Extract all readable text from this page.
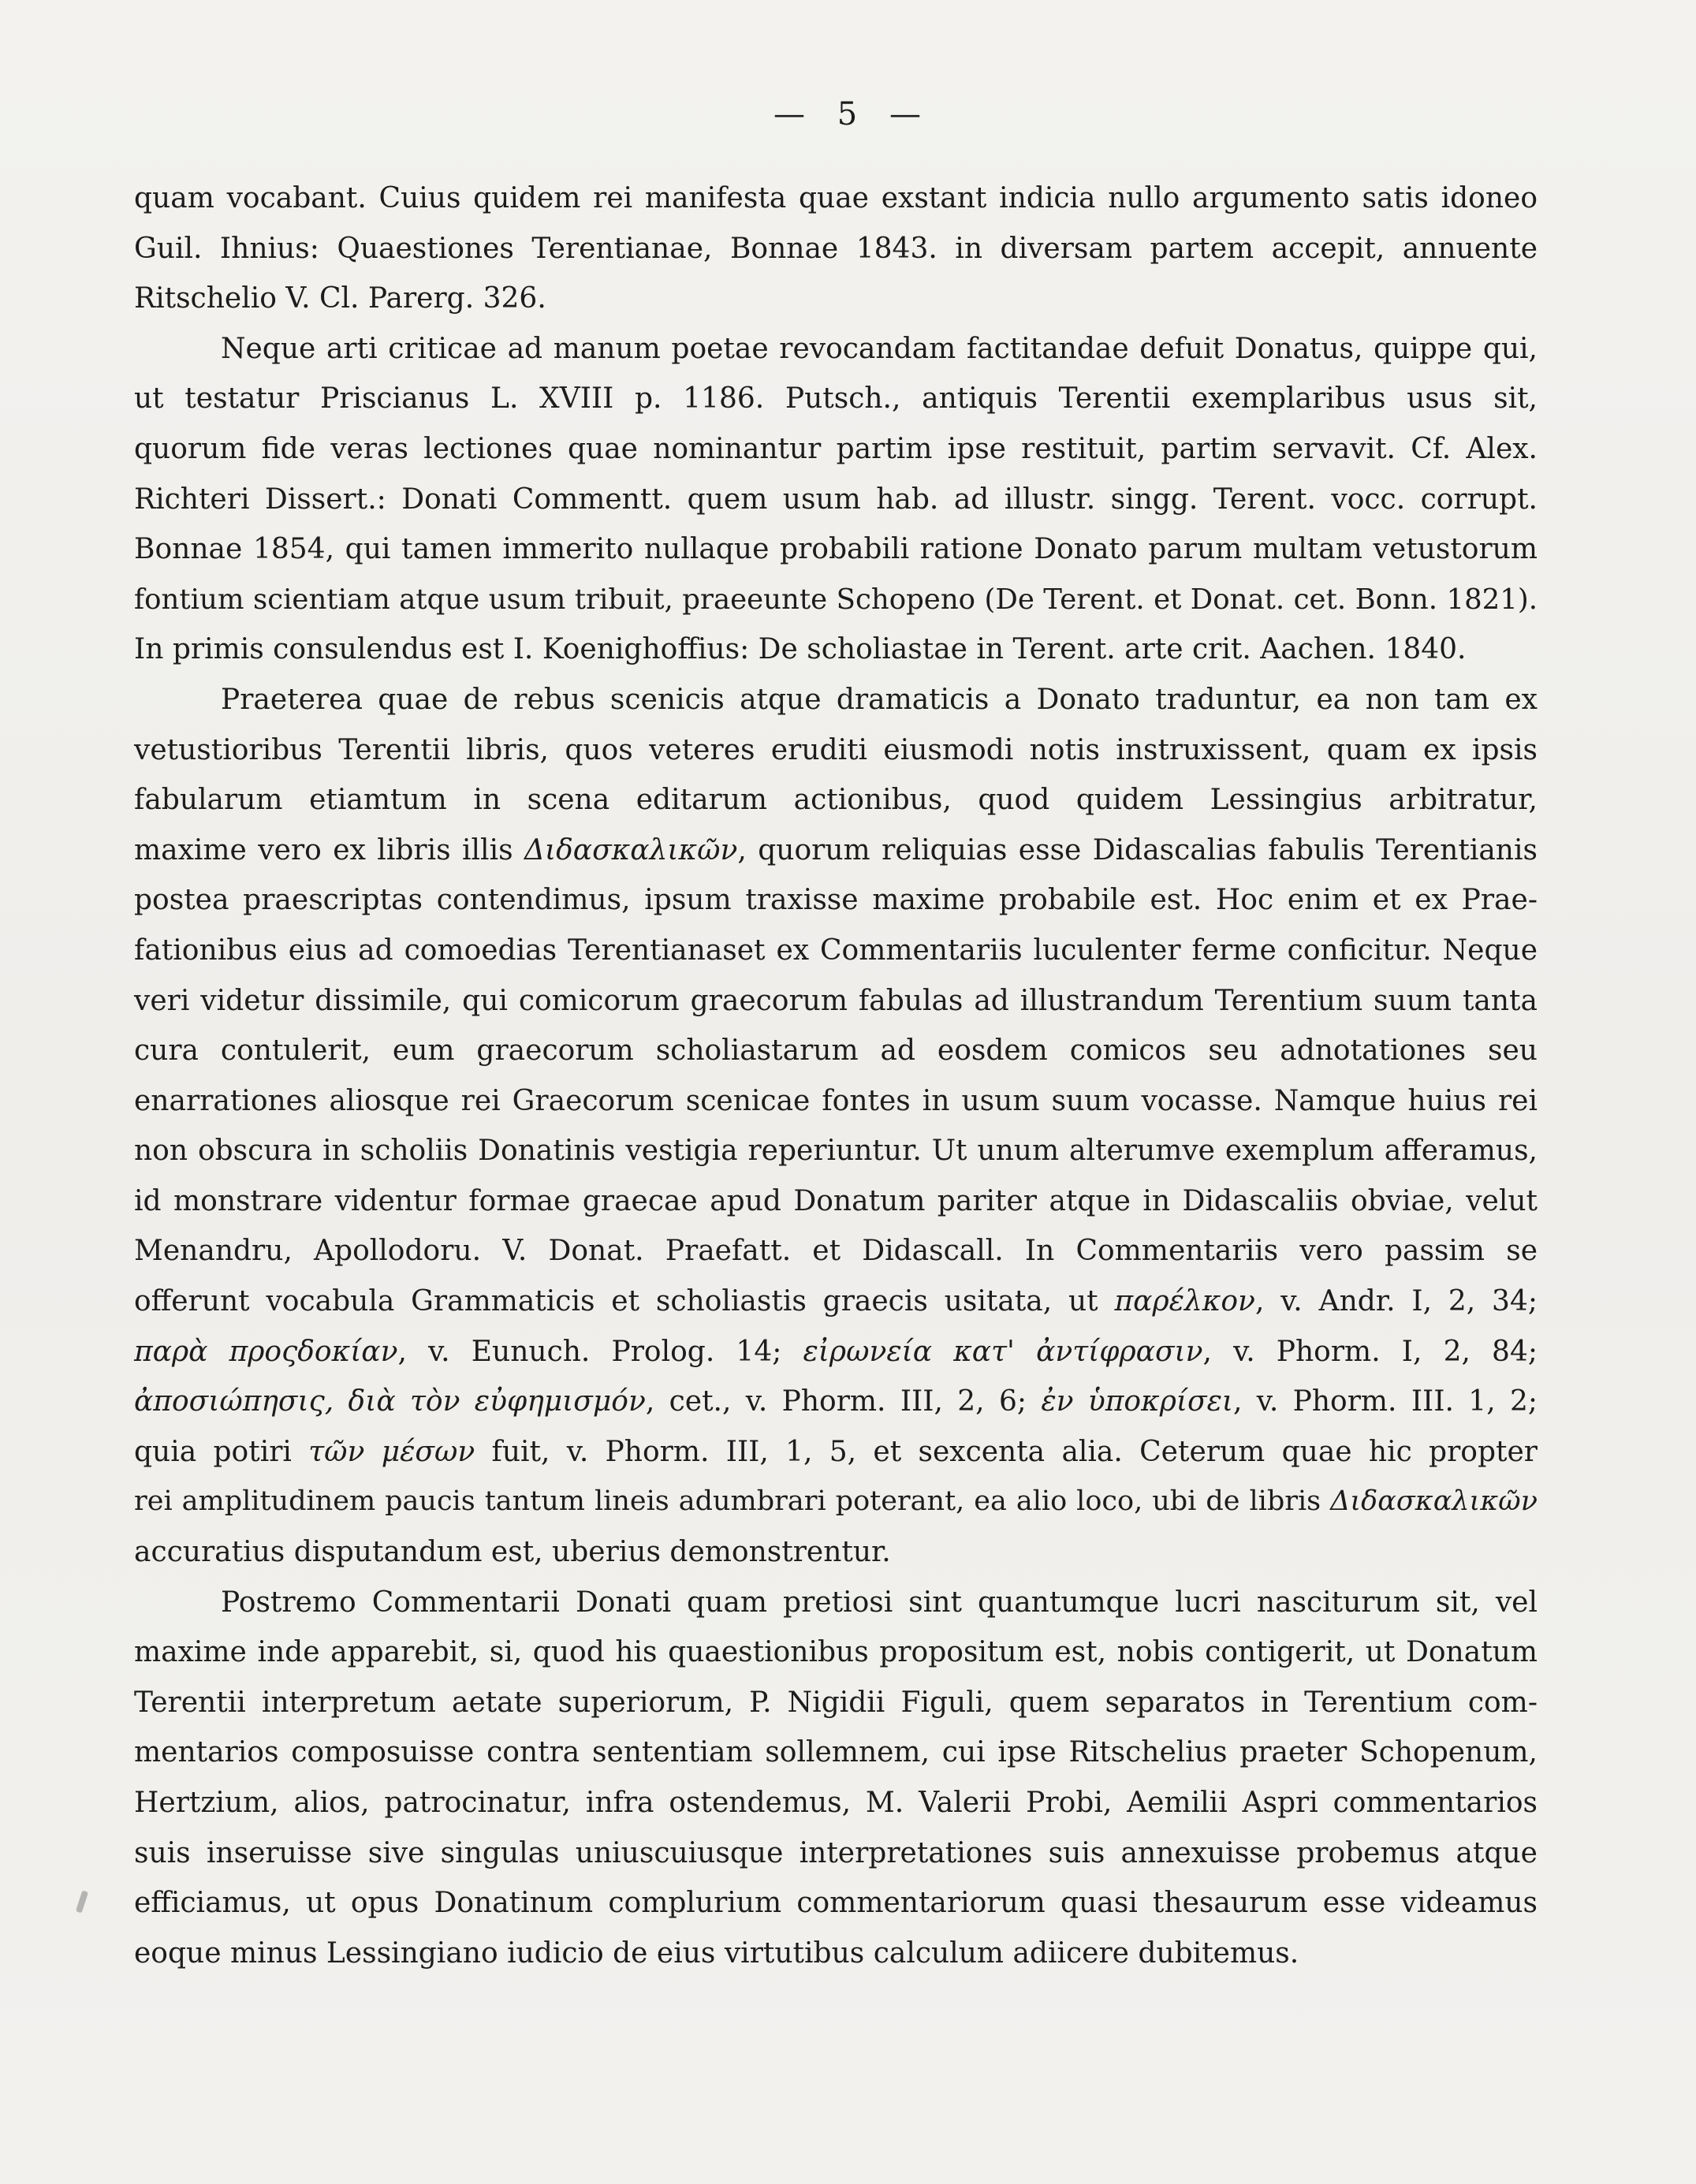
— 5 —
quam vocabant. Cuius quidem rei manifesta quae exstant indicia nullo argumento satis idoneo
Guil. Ihnius: Quaestiones Terentianae, Bonnae 1843. in diversam partem accepit, annuente
Ritschelio V. Cl. Parerg. 326.
Neque arti criticae ad manum poetae revocandam factitandae defuit Donatus, quippe qui,
ut testatur Priscianus L. XVIII p. 1186. Putsch., antiquis Terentii exemplaribus usus sit,
quorum fide veras lectiones quae nominantur partim ipse restituit, partim servavit. Cf. Alex.
Richteri Dissert.: Donati Commentt. quem usum hab. ad illustr. singg. Terent. vocc. corrupt.
Bonnae 1854, qui tamen immerito nullaque probabili ratione Donato parum multam vetustorum
fontium scientiam atque usum tribuit, praeeunte Schopeno (De Terent. et Donat. cet. Bonn. 1821).
In primis consulendus est I. Koenighoffius: De scholiastae in Terent. arte crit. Aachen. 1840.
Praeterea quae de rebus scenicis atque dramaticis a Donato traduntur, ea non tam ex
vetustioribus Terentii libris, quos veteres eruditi eiusmodi notis instruxissent, quam ex ipsis
fabularum etiamtum in scena editarum actionibus, quod quidem Lessingius arbitratur,
maxime vero ex libris illis Διδασκαλικῶν, quorum reliquias esse Didascalias fabulis Terentianis
postea praescriptas contendimus, ipsum traxisse maxime probabile est. Hoc enim et ex Prae-
fationibus eius ad comoedias Terentianaset ex Commentariis luculenter ferme conficitur. Neque
veri videtur dissimile, qui comicorum graecorum fabulas ad illustrandum Terentium suum tanta
cura contulerit, eum graecorum scholiastarum ad eosdem comicos seu adnotationes seu
enarrationes aliosque rei Graecorum scenicae fontes in usum suum vocasse. Namque huius rei
non obscura in scholiis Donatinis vestigia reperiuntur. Ut unum alterumve exemplum afferamus,
id monstrare videntur formae graecae apud Donatum pariter atque in Didascaliis obviae, velut
Menandru, Apollodoru. V. Donat. Praefatt. et Didascall. In Commentariis vero passim se
offerunt vocabula Grammaticis et scholiastis graecis usitata, ut παρέλκον, v. Andr. I, 2, 34;
παρὰ προςδοκίαν, v. Eunuch. Prolog. 14; εἰρωνεία κατ' ἀντίφρασιν, v. Phorm. I, 2, 84;
ἀποσιώπησις, διὰ τὸν εὐφημισμόν, cet., v. Phorm. III, 2, 6; ἐν ὑποκρίσει, v. Phorm. III. 1, 2;
quia potiri τῶν μέσων fuit, v. Phorm. III, 1, 5, et sexcenta alia. Ceterum quae hic propter
rei amplitudinem paucis tantum lineis adumbrari poterant, ea alio loco, ubi de libris Διδασκαλικῶν
accuratius disputandum est, uberius demonstrentur.
Postremo Commentarii Donati quam pretiosi sint quantumque lucri nasciturum sit, vel
maxime inde apparebit, si, quod his quaestionibus propositum est, nobis contigerit, ut Donatum
Terentii interpretum aetate superiorum, P. Nigidii Figuli, quem separatos in Terentium com-
mentarios composuisse contra sententiam sollemnem, cui ipse Ritschelius praeter Schopenum,
Hertzium, alios, patrocinatur, infra ostendemus, M. Valerii Probi, Aemilii Aspri commentarios
suis inseruisse sive singulas uniuscuiusque interpretationes suis annexuisse probemus atque
efficiamus, ut opus Donatinum complurium commentariorum quasi thesaurum esse videamus
eoque minus Lessingiano iudicio de eius virtutibus calculum adiicere dubitemus.
